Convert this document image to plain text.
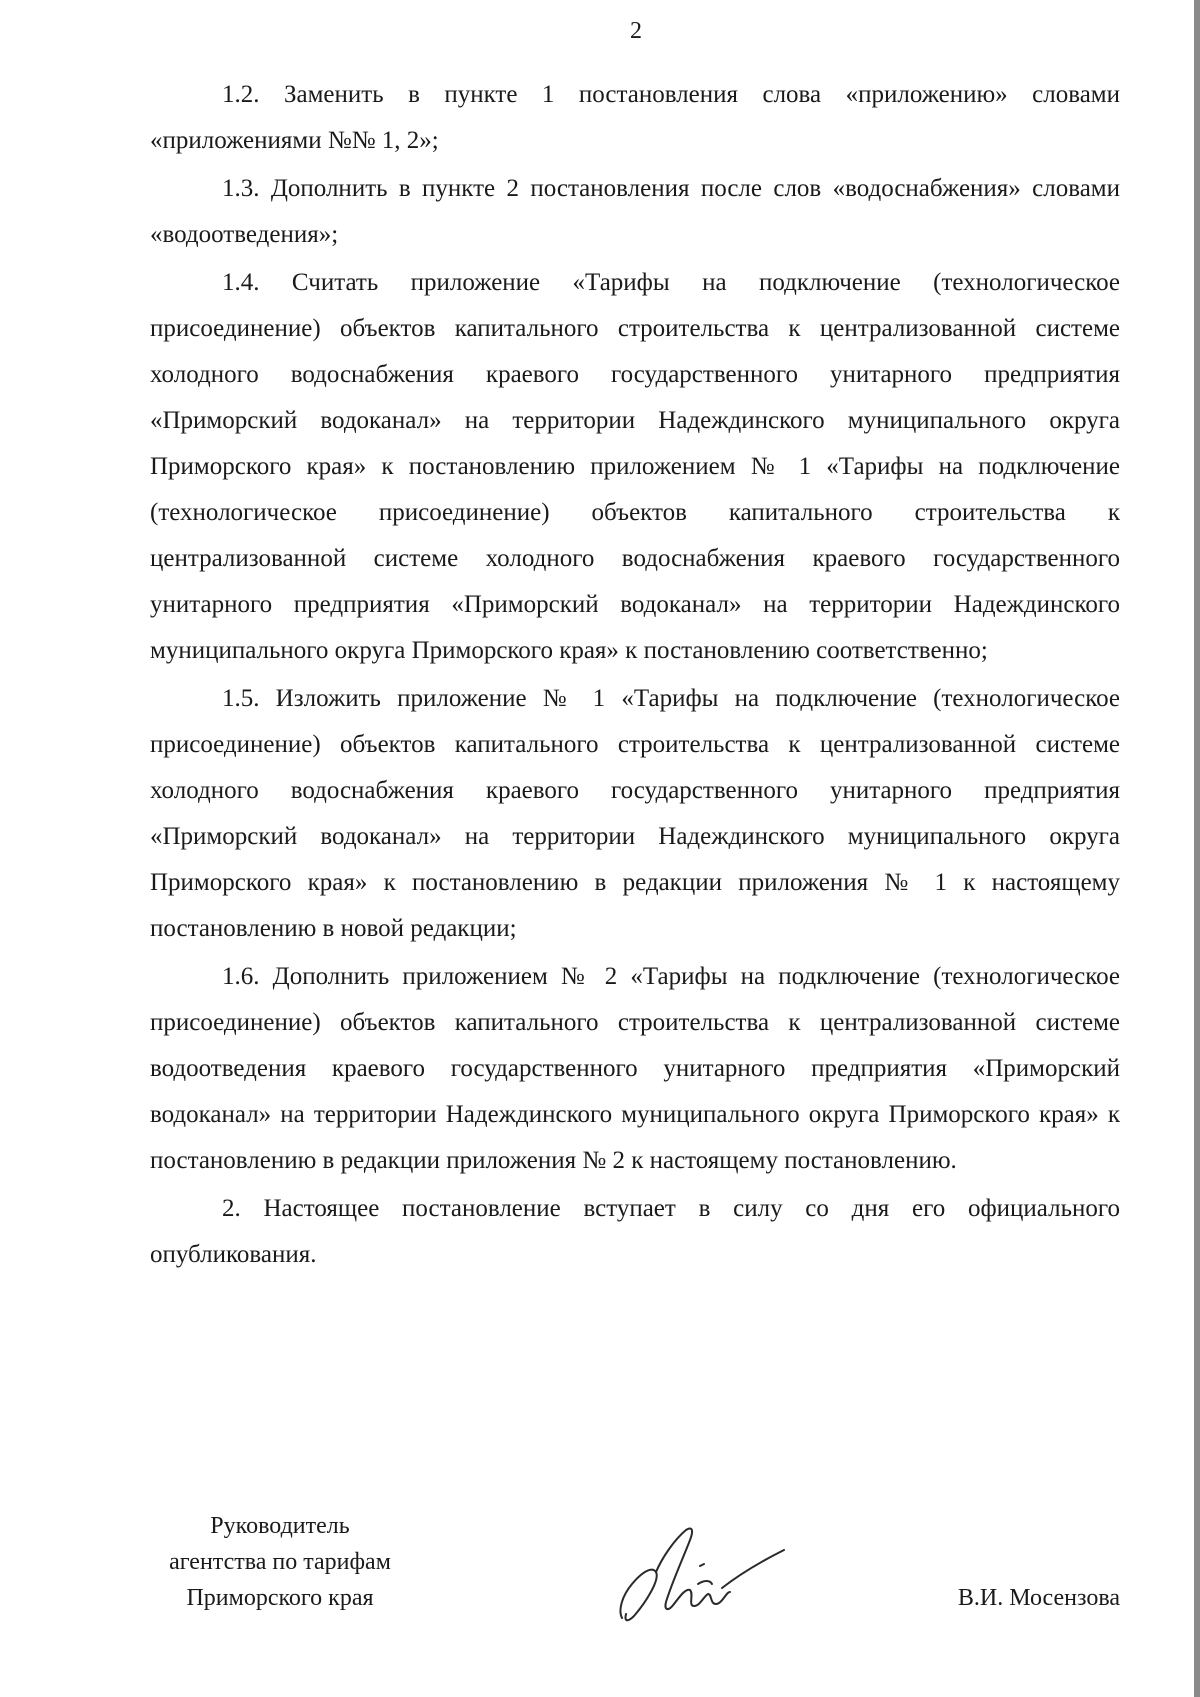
2

1.2. Заменить в пункте 1 постановления слова «приложению» словами «приложениями №№ 1, 2»;

1.3. Дополнить в пункте 2 постановления после слов «водоснабжения» словами «водоотведения»;

1.4. Считать приложение «Тарифы на подключение (технологическое присоединение) объектов капитального строительства к централизованной системе холодного водоснабжения краевого государственного унитарного предприятия «Приморский водоканал» на территории Надеждинского муниципального округа Приморского края» к постановлению приложением № 1 «Тарифы на подключение (технологическое присоединение) объектов капитального строительства к централизованной системе холодного водоснабжения краевого государственного унитарного предприятия «Приморский водоканал» на территории Надеждинского муниципального округа Приморского края» к постановлению соответственно;

1.5. Изложить приложение № 1 «Тарифы на подключение (технологическое присоединение) объектов капитального строительства к централизованной системе холодного водоснабжения краевого государственного унитарного предприятия «Приморский водоканал» на территории Надеждинского муниципального округа Приморского края» к постановлению в редакции приложения № 1 к настоящему постановлению в новой редакции;

1.6. Дополнить приложением № 2 «Тарифы на подключение (технологическое присоединение) объектов капитального строительства к централизованной системе водоотведения краевого государственного унитарного предприятия «Приморский водоканал» на территории Надеждинского муниципального округа Приморского края» к постановлению в редакции приложения № 2 к настоящему постановлению.

2. Настоящее постановление вступает в силу со дня его официального опубликования.

Руководитель
агентства по тарифам
Приморского края	В.И. Мосензова
